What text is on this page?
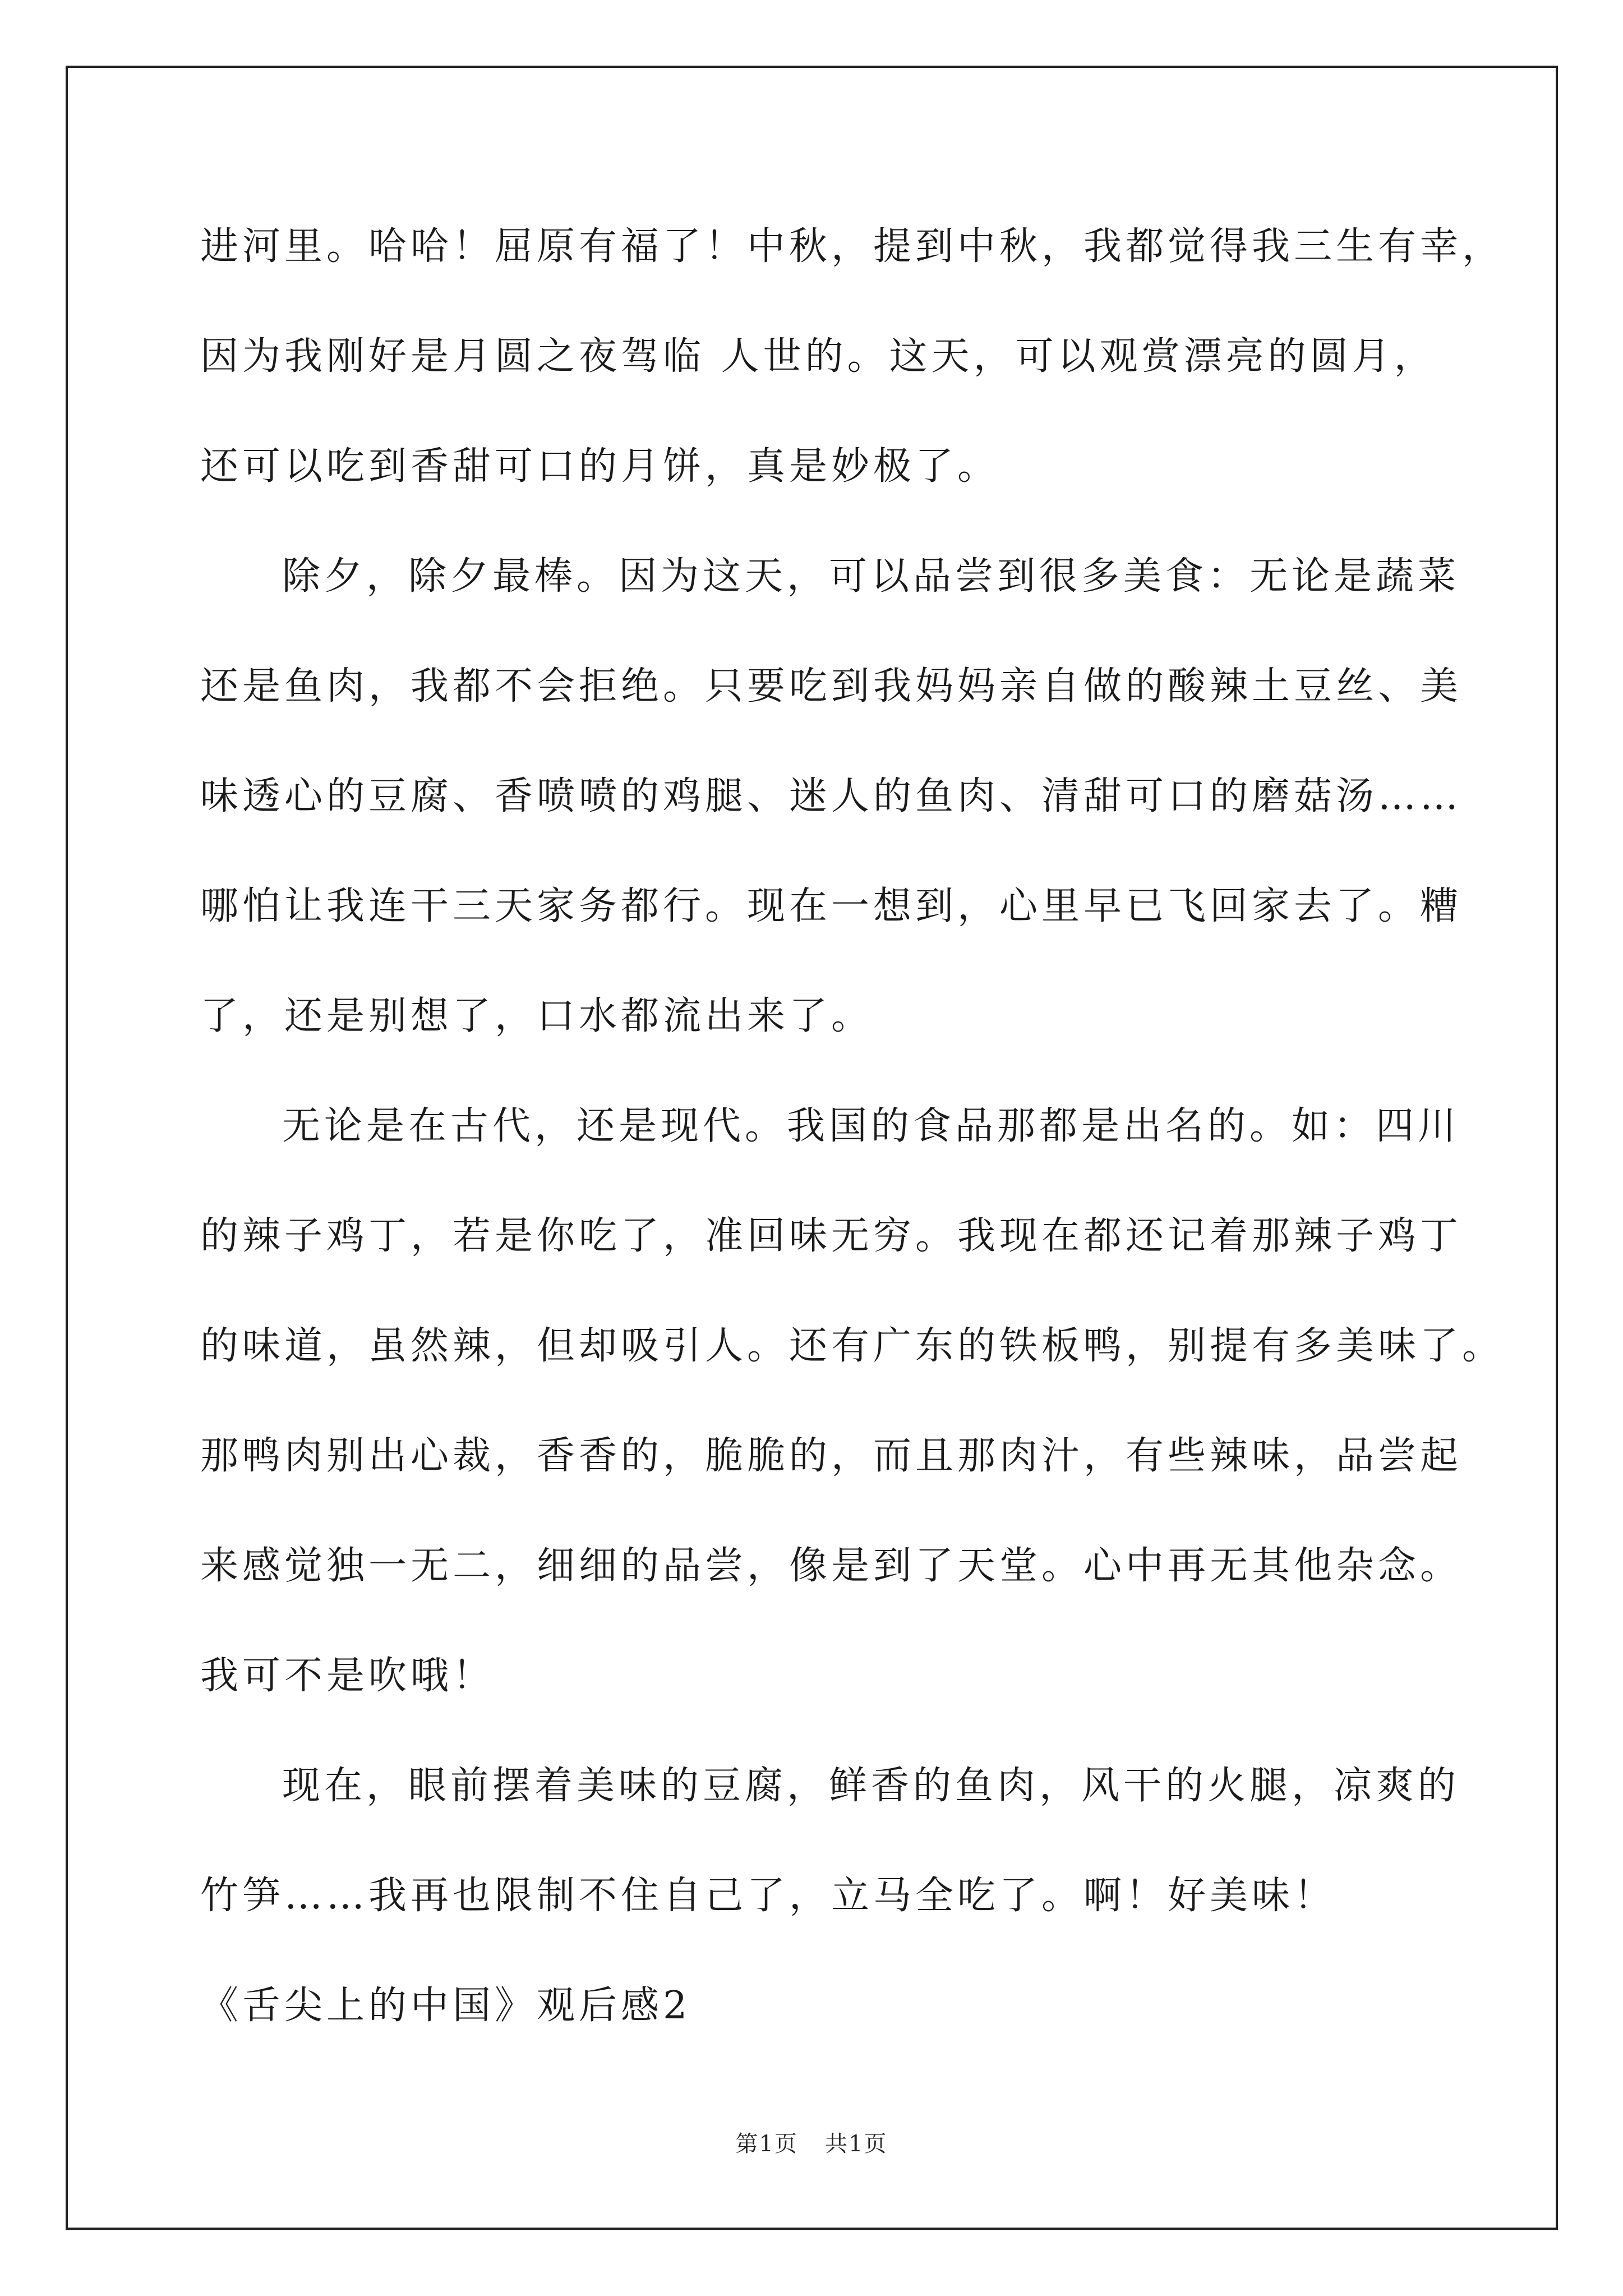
进河里。哈哈！屈原有福了！中秋，提到中秋，我都觉得我三生有幸，
因为我刚好是月圆之夜驾临 人世的。这天，可以观赏漂亮的圆月，
还可以吃到香甜可口的月饼，真是妙极了。
除夕，除夕最棒。因为这天，可以品尝到很多美食：无论是蔬菜
还是鱼肉，我都不会拒绝。只要吃到我妈妈亲自做的酸辣土豆丝、美
味透心的豆腐、香喷喷的鸡腿、迷人的鱼肉、清甜可口的磨菇汤……
哪怕让我连干三天家务都行。现在一想到，心里早已飞回家去了。糟
了，还是别想了，口水都流出来了。
无论是在古代，还是现代。我国的食品那都是出名的。如：四川
的辣子鸡丁，若是你吃了，准回味无穷。我现在都还记着那辣子鸡丁
的味道，虽然辣，但却吸引人。还有广东的铁板鸭，别提有多美味了。
那鸭肉别出心裁，香香的，脆脆的，而且那肉汁，有些辣味，品尝起
来感觉独一无二，细细的品尝，像是到了天堂。心中再无其他杂念。
我可不是吹哦！
现在，眼前摆着美味的豆腐，鲜香的鱼肉，风干的火腿，凉爽的
竹笋……我再也限制不住自己了，立马全吃了。啊！好美味！
《舌尖上的中国》观后感2
第1页 共1页
